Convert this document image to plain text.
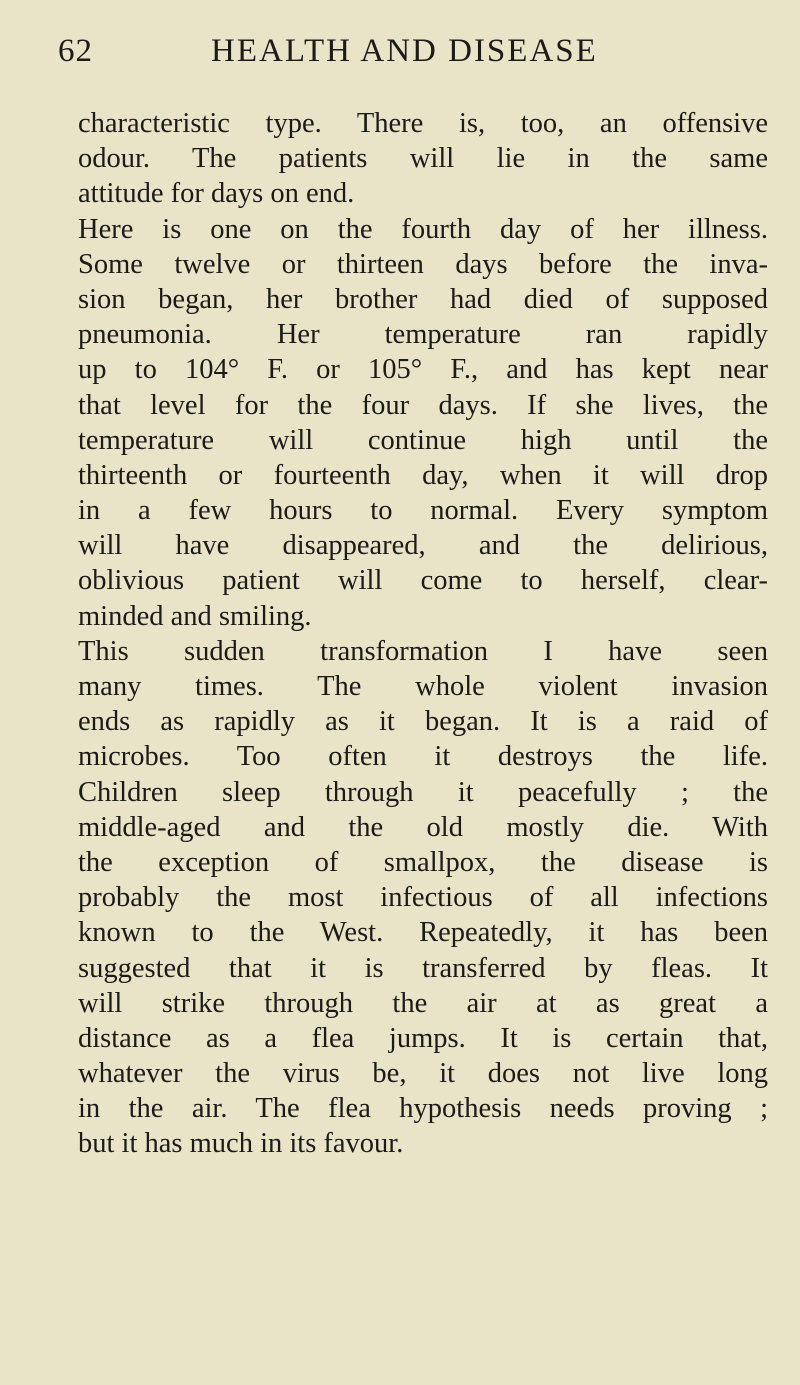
62	HEALTH AND DISEASE
characteristic type. There is, too, an offensive
odour. The patients will lie in the same
attitude for days on end.
Here is one on the fourth day of her illness.
Some twelve or thirteen days before the inva-
sion began, her brother had died of supposed
pneumonia. Her temperature ran rapidly
up to 104° F. or 105° F., and has kept near
that level for the four days. If she lives, the
temperature will continue high until the
thirteenth or fourteenth day, when it will drop
in a few hours to normal. Every symptom
will have disappeared, and the delirious,
oblivious patient will come to herself, clear-
minded and smiling.
This sudden transformation I have seen
many times. The whole violent invasion
ends as rapidly as it began. It is a raid of
microbes. Too often it destroys the life.
Children sleep through it peacefully ; the
middle-aged and the old mostly die. With
the exception of smallpox, the disease is
probably the most infectious of all infections
known to the West. Repeatedly, it has been
suggested that it is transferred by fleas. It
will strike through the air at as great a
distance as a flea jumps. It is certain that,
whatever the virus be, it does not live long
in the air. The flea hypothesis needs proving ;
but it has much in its favour.
